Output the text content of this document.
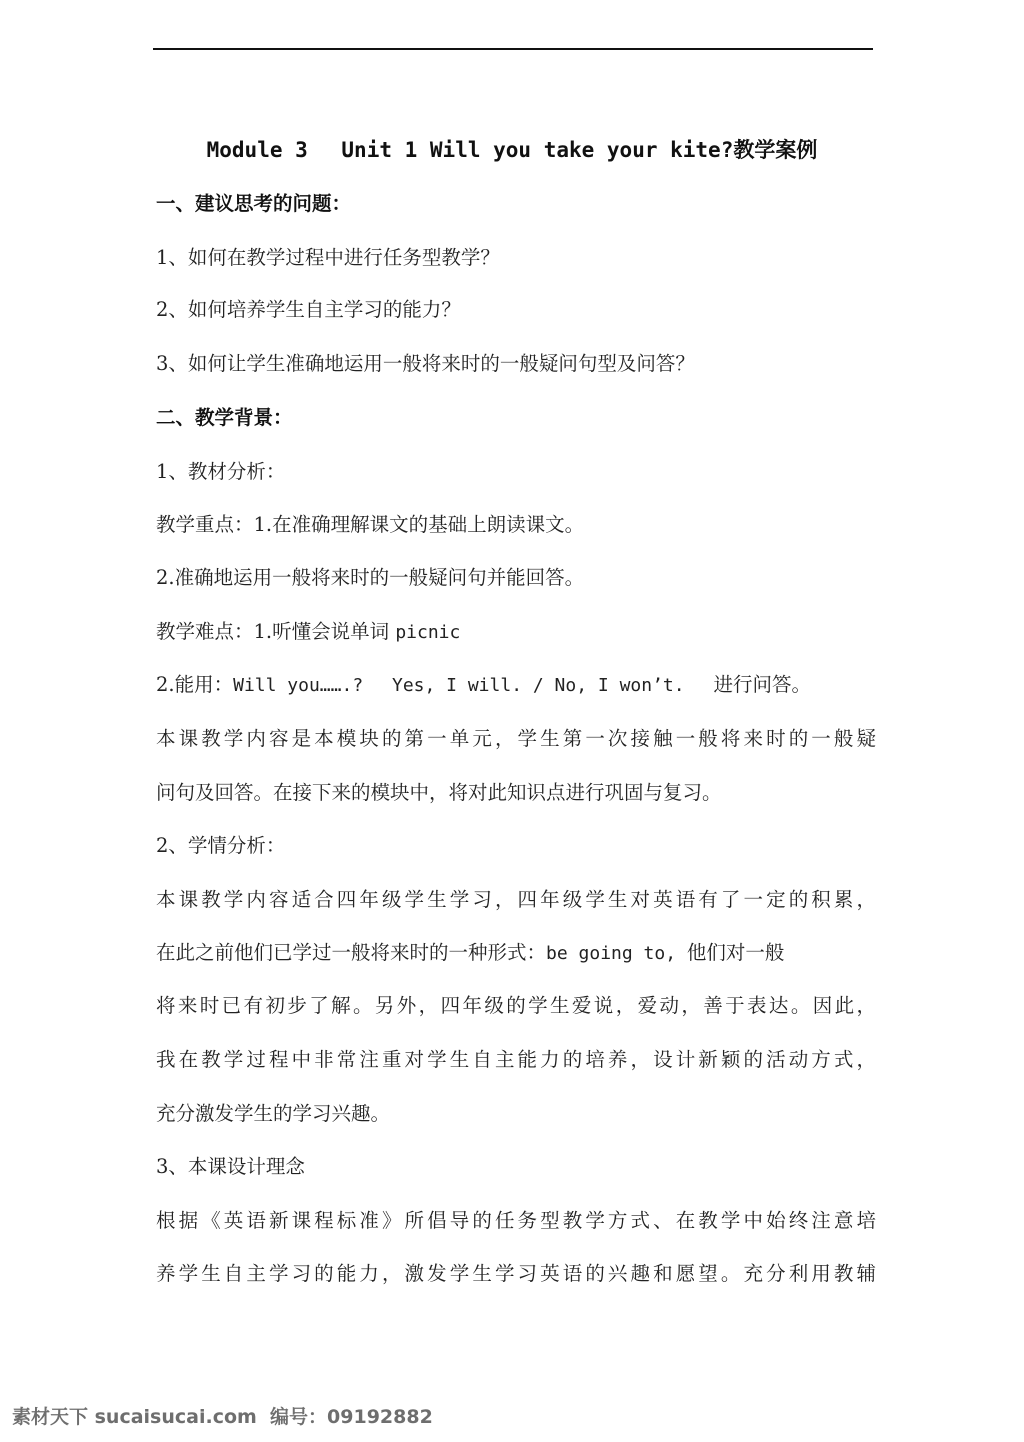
Module 3　 Unit 1 Will you take your kite?教学案例
一、建议思考的问题：
1、如何在教学过程中进行任务型教学？
2、如何培养学生自主学习的能力？
3、如何让学生准确地运用一般将来时的一般疑问句型及问答？
二、教学背景：
1、教材分析：
教学重点：1.在准确理解课文的基础上朗读课文。
2.准确地运用一般将来时的一般疑问句并能回答。
教学难点：1.听懂会说单词 picnic
2.能用：Will you…….?　 Yes, I will. / No, I won’t.　 进行问答。
本课教学内容是本模块的第一单元，学生第一次接触一般将来时的一般疑
问句及回答。在接下来的模块中，将对此知识点进行巩固与复习。
2、学情分析：
本课教学内容适合四年级学生学习，四年级学生对英语有了一定的积累，
在此之前他们已学过一般将来时的一种形式：be going to, 他们对一般
将来时已有初步了解。另外，四年级的学生爱说，爱动，善于表达。因此，
我在教学过程中非常注重对学生自主能力的培养，设计新颖的活动方式，
充分激发学生的学习兴趣。
3、本课设计理念
根据《英语新课程标准》所倡导的任务型教学方式、在教学中始终注意培
养学生自主学习的能力，激发学生学习英语的兴趣和愿望。充分利用教辅
素材天下 sucaisucai.com  编号：09192882
